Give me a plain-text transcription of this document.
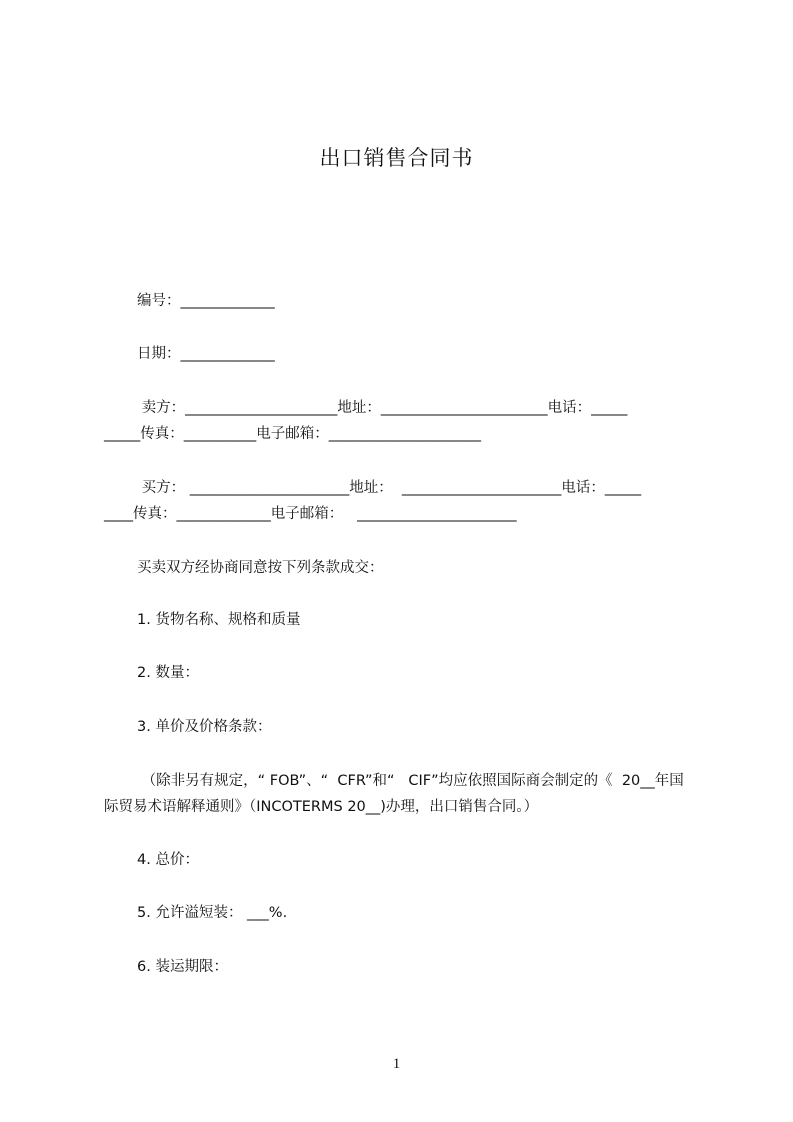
出口销售合同书
编号：_____________
日期：_____________
卖方：_____________________地址：_______________________电话：_____
_____传真：__________电子邮箱：_____________________
买方： ______________________地址：  ______________________电话：_____
____传真：_____________电子邮箱：   ______________________
买卖双方经协商同意按下列条款成交：
1. 货物名称、规格和质量
2. 数量：
3. 单价及价格条款：
（除非另有规定，“ FOB”、“  CFR”和“   CIF”均应依照国际商会制定的《  20__年国
际贸易术语解释通则》（INCOTERMS 20__)办理，出口销售合同。）
4. 总价：
5. 允许溢短装： ___%.
6. 装运期限：
1
